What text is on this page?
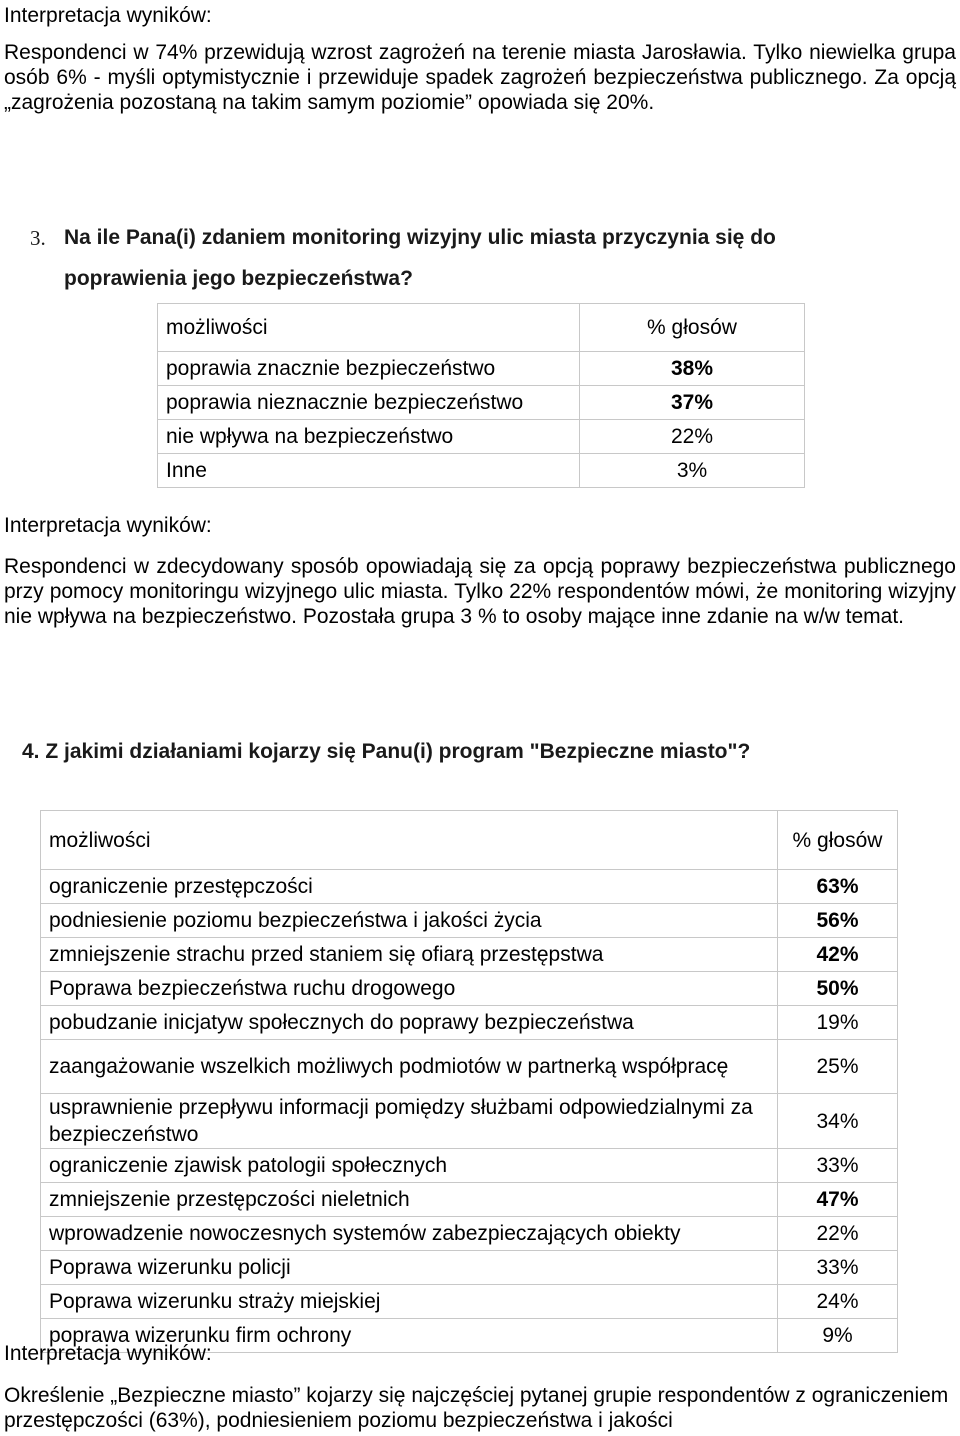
Interpretacja wyników:
Respondenci w 74% przewidują wzrost zagrożeń na terenie miasta Jarosławia. Tylko niewielka grupa osób 6% - myśli optymistycznie i przewiduje spadek zagrożeń bezpieczeństwa publicznego. Za opcją „zagrożenia pozostaną na takim samym poziomie” opowiada się 20%.
3. Na ile Pana(i) zdaniem monitoring wizyjny ulic miasta przyczynia się do
poprawienia jego bezpieczeństwa?
możliwości	% głosów
poprawia znacznie bezpieczeństwo	38%
poprawia nieznacznie bezpieczeństwo	37%
nie wpływa na bezpieczeństwo	22%
Inne	3%
Interpretacja wyników:
Respondenci w zdecydowany sposób opowiadają się za opcją poprawy bezpieczeństwa publicznego przy pomocy monitoringu wizyjnego ulic miasta. Tylko 22% respondentów mówi, że monitoring wizyjny nie wpływa na bezpieczeństwo. Pozostała grupa 3 % to osoby mające inne zdanie na w/w temat.
4. Z jakimi działaniami kojarzy się Panu(i) program "Bezpieczne miasto"?
możliwości	% głosów
ograniczenie przestępczości	63%
podniesienie poziomu bezpieczeństwa i jakości życia	56%
zmniejszenie strachu przed staniem się ofiarą przestępstwa	42%
Poprawa bezpieczeństwa ruchu drogowego	50%
pobudzanie inicjatyw społecznych do poprawy bezpieczeństwa	19%
zaangażowanie wszelkich możliwych podmiotów w partnerką współpracę	25%
usprawnienie przepływu informacji pomiędzy służbami odpowiedzialnymi za bezpieczeństwo	34%
ograniczenie zjawisk patologii społecznych	33%
zmniejszenie przestępczości nieletnich	47%
wprowadzenie nowoczesnych systemów zabezpieczających obiekty	22%
Poprawa wizerunku policji	33%
Poprawa wizerunku straży miejskiej	24%
poprawa wizerunku firm ochrony	9%
Interpretacja wyników:
Określenie „Bezpieczne miasto” kojarzy się najczęściej pytanej grupie respondentów z ograniczeniem przestępczości (63%), podniesieniem poziomu bezpieczeństwa i jakości
